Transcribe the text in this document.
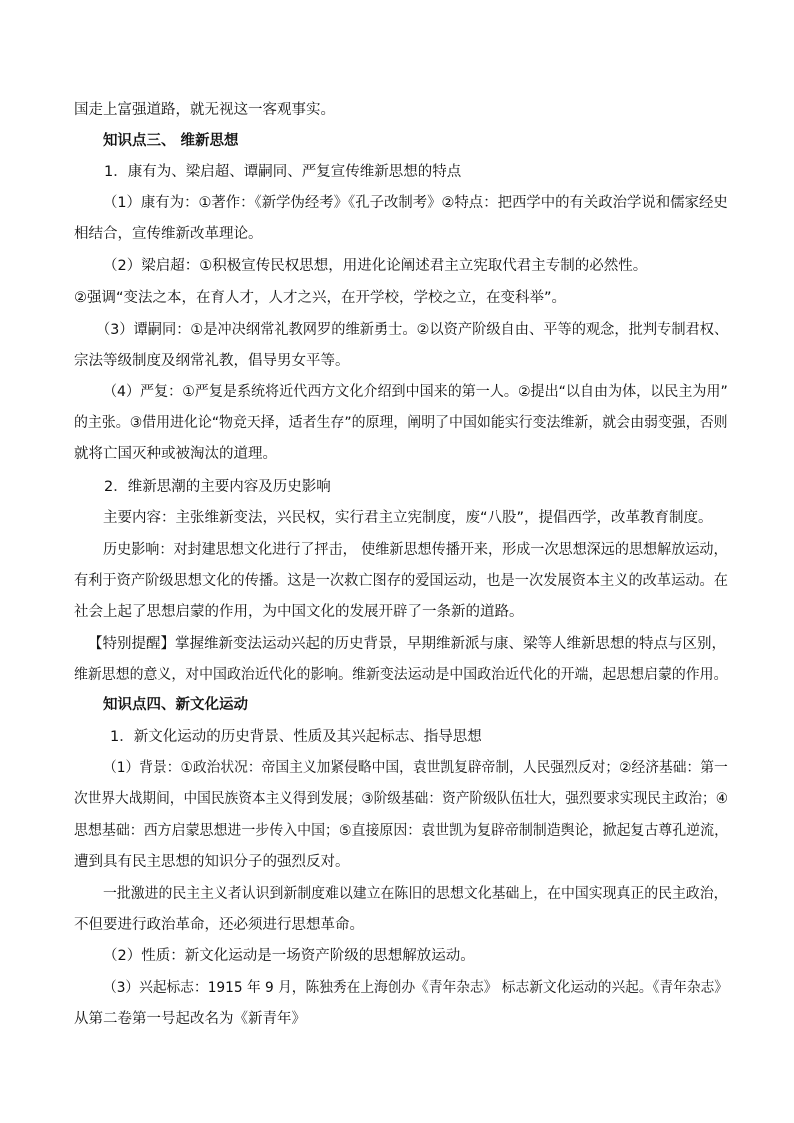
国走上富强道路，就无视这一客观事实。
知识点三、 维新思想
1．康有为、梁启超、谭嗣同、严复宣传维新思想的特点
（1）康有为：①著作：《新学伪经考》《孔子改制考》②特点：把西学中的有关政治学说和儒家经史
相结合，宣传维新改革理论。
（2）梁启超：①积极宣传民权思想，用进化论阐述君主立宪取代君主专制的必然性。
②强调“变法之本，在育人才，人才之兴，在开学校，学校之立，在变科举”。
（3）谭嗣同：①是冲决纲常礼教网罗的维新勇士。②以资产阶级自由、平等的观念，批判专制君权、
宗法等级制度及纲常礼教，倡导男女平等。
（4）严复：①严复是系统将近代西方文化介绍到中国来的第一人。②提出“以自由为体，以民主为用”
的主张。③借用进化论“物竞天择，适者生存”的原理，阐明了中国如能实行变法维新，就会由弱变强，否则
就将亡国灭种或被淘汰的道理。
2．维新思潮的主要内容及历史影响
主要内容：主张维新变法，兴民权，实行君主立宪制度，废“八股”，提倡西学，改革教育制度。
历史影响：对封建思想文化进行了抨击， 使维新思想传播开来，形成一次思想深远的思想解放运动，
有利于资产阶级思想文化的传播。这是一次救亡图存的爱国运动，也是一次发展资本主义的改革运动。在
社会上起了思想启蒙的作用，为中国文化的发展开辟了一条新的道路。
【特别提醒】掌握维新变法运动兴起的历史背景，早期维新派与康、梁等人维新思想的特点与区别，
维新思想的意义，对中国政治近代化的影响。维新变法运动是中国政治近代化的开端，起思想启蒙的作用。
知识点四、新文化运动
1．新文化运动的历史背景、性质及其兴起标志、指导思想
（1）背景：①政治状况：帝国主义加紧侵略中国，袁世凯复辟帝制，人民强烈反对；②经济基础：第一
次世界大战期间，中国民族资本主义得到发展；③阶级基础：资产阶级队伍壮大，强烈要求实现民主政治；④
思想基础：西方启蒙思想进一步传入中国；⑤直接原因：袁世凯为复辟帝制制造舆论，掀起复古尊孔逆流，
遭到具有民主思想的知识分子的强烈反对。
一批激进的民主主义者认识到新制度难以建立在陈旧的思想文化基础上，在中国实现真正的民主政治，
不但要进行政治革命，还必须进行思想革命。
（2）性质：新文化运动是一场资产阶级的思想解放运动。
（3）兴起标志：1915 年 9 月，陈独秀在上海创办《青年杂志》 标志新文化运动的兴起。《青年杂志》
从第二卷第一号起改名为《新青年》
